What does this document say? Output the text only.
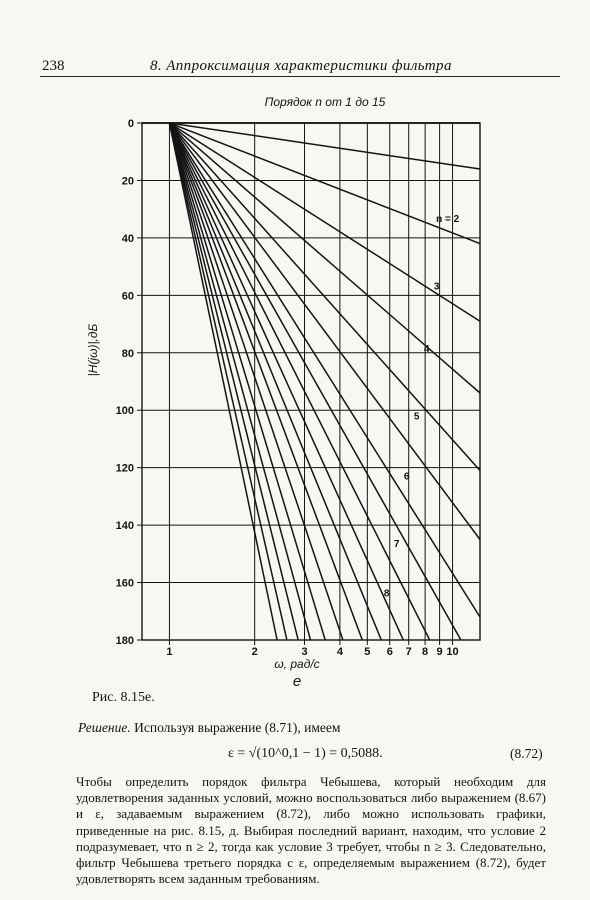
238	8. Аппроксимация характеристики фильтра
0
20
40
60
80
100
120
140
160
180
1	2	3	4 5 6 7 8 9 10
n = 2
3
4
5
6
7
8
Порядок n от 1 до 15
|H(jω)|,дБ
ω, рад/с
e
Рис. 8.15е.
Решение. Используя выражение (8.71), имеем
ε = √(10^0,1 − 1) = 0,5088.	(8.72)
Чтобы определить порядок фильтра Чебышева, который необходим для удовлетворения заданных условий, можно воспользоваться либо выражением (8.67) и ε, задаваемым выражением (8.72), либо можно использовать графики, приведенные на рис. 8.15, д. Выбирая последний вариант, находим, что условие 2 подразумевает, что n ≥ 2, тогда как условие 3 требует, чтобы n ≥ 3. Следовательно, фильтр Чебышева третьего порядка с ε, определяемым выражением (8.72), будет удовлетворять всем заданным требованиям.
